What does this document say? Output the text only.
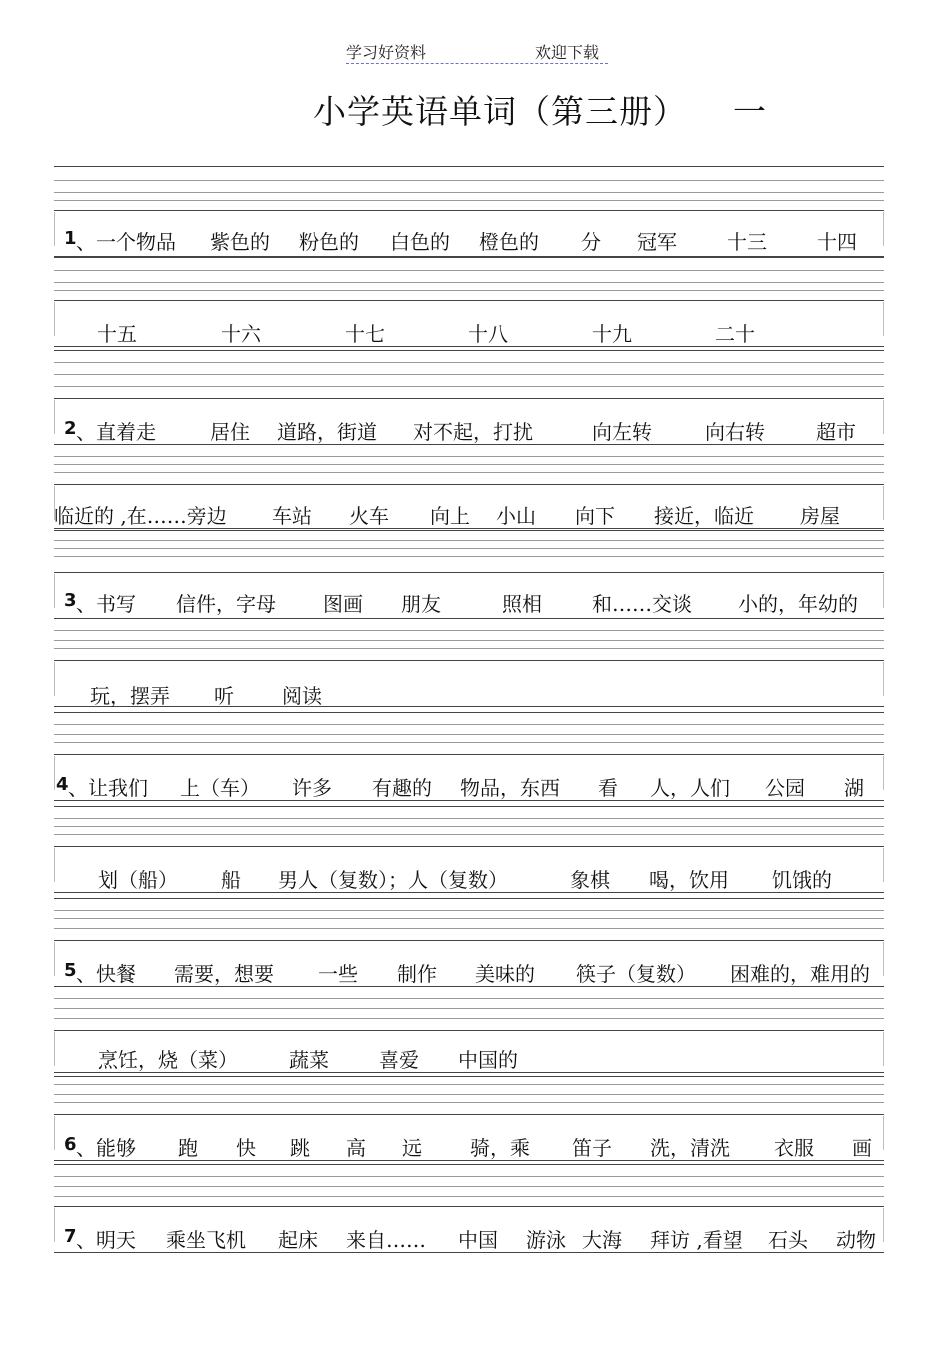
学习好资料	欢迎下载
小学英语单词（第三册） 一
1 、一个物品 紫色的 粉色的 白色的 橙色的 分 冠军	十三	十四
十五	十六	十七	十八	十九	二十
2 、直着走	居住 道路，街道 对不起，打扰	向左转	向右转	超市
临近的 ,在……旁边 车站 火车 向上 小山 向下 接近，临近 房屋
3 、书写 信件，字母 图画 朋友	照相	和……交谈 小的，年幼的
玩，摆弄 听 阅读
4 、让我们 上（车） 许多 有趣的 物品，东西 看 人，人们 公园 湖
划（船） 船 男人（复数）；人（复数）	象棋 喝，饮用 饥饿的
5 、快餐 需要，想要 一些 制作 美味的 筷子（复数） 困难的，难用的
烹饪，烧（菜）	蔬菜	喜爱 中国的
6 、能够 跑 快 跳 高 远 骑，乘 笛子 洗，清洗 衣服 画
7 、明天 乘坐飞机 起床 来自…… 中国 游泳 大海 拜访 ,看望 石头 动物
